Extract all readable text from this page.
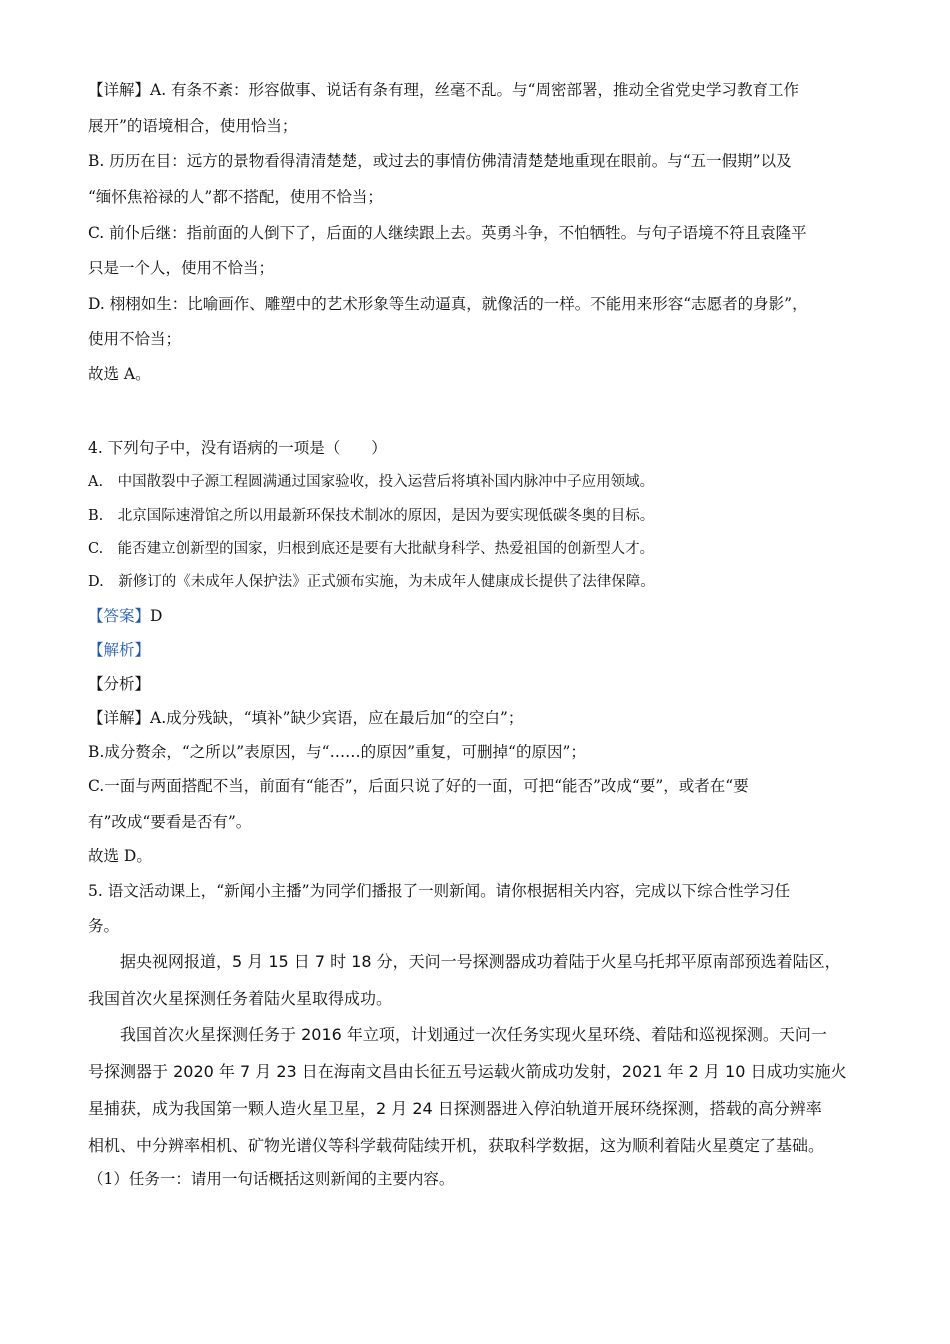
【详解】A. 有条不紊：形容做事、说话有条有理，丝毫不乱。与“周密部署，推动全省党史学习教育工作

展开”的语境相合，使用恰当；

B. 历历在目：远方的景物看得清清楚楚，或过去的事情仿佛清清楚楚地重现在眼前。与“五一假期”以及

“缅怀焦裕禄的人”都不搭配，使用不恰当；

C. 前仆后继：指前面的人倒下了，后面的人继续跟上去。英勇斗争，不怕牺牲。与句子语境不符且袁隆平

只是一个人，使用不恰当；

D. 栩栩如生：比喻画作、雕塑中的艺术形象等生动逼真，就像活的一样。不能用来形容“志愿者的身影”，

使用不恰当；

故选 A。

4. 下列句子中，没有语病的一项是（　　）

A.　中国散裂中子源工程圆满通过国家验收，投入运营后将填补国内脉冲中子应用领域。

B.　北京国际速滑馆之所以用最新环保技术制冰的原因，是因为要实现低碳冬奥的目标。

C.　能否建立创新型的国家，归根到底还是要有大批献身科学、热爱祖国的创新型人才。

D.　新修订的《未成年人保护法》正式颁布实施，为未成年人健康成长提供了法律保障。

【答案】D

【解析】

【分析】

【详解】A.成分残缺，“填补”缺少宾语，应在最后加“的空白”；

B.成分赘余，“之所以”表原因，与“……的原因”重复，可删掉“的原因”；

C.一面与两面搭配不当，前面有“能否”，后面只说了好的一面，可把“能否”改成“要”，或者在“要

有”改成“要看是否有”。

故选 D。

5. 语文活动课上，“新闻小主播”为同学们播报了一则新闻。请你根据相关内容，完成以下综合性学习任

务。

据央视网报道，5 月 15 日 7 时 18 分，天问一号探测器成功着陆于火星乌托邦平原南部预选着陆区，

我国首次火星探测任务着陆火星取得成功。

我国首次火星探测任务于 2016 年立项，计划通过一次任务实现火星环绕、着陆和巡视探测。天问一

号探测器于 2020 年 7 月 23 日在海南文昌由长征五号运载火箭成功发射，2021 年 2 月 10 日成功实施火

星捕获，成为我国第一颗人造火星卫星，2 月 24 日探测器进入停泊轨道开展环绕探测，搭载的高分辨率

相机、中分辨率相机、矿物光谱仪等科学载荷陆续开机，获取科学数据，这为顺利着陆火星奠定了基础。

（1）任务一：请用一句话概括这则新闻的主要内容。
